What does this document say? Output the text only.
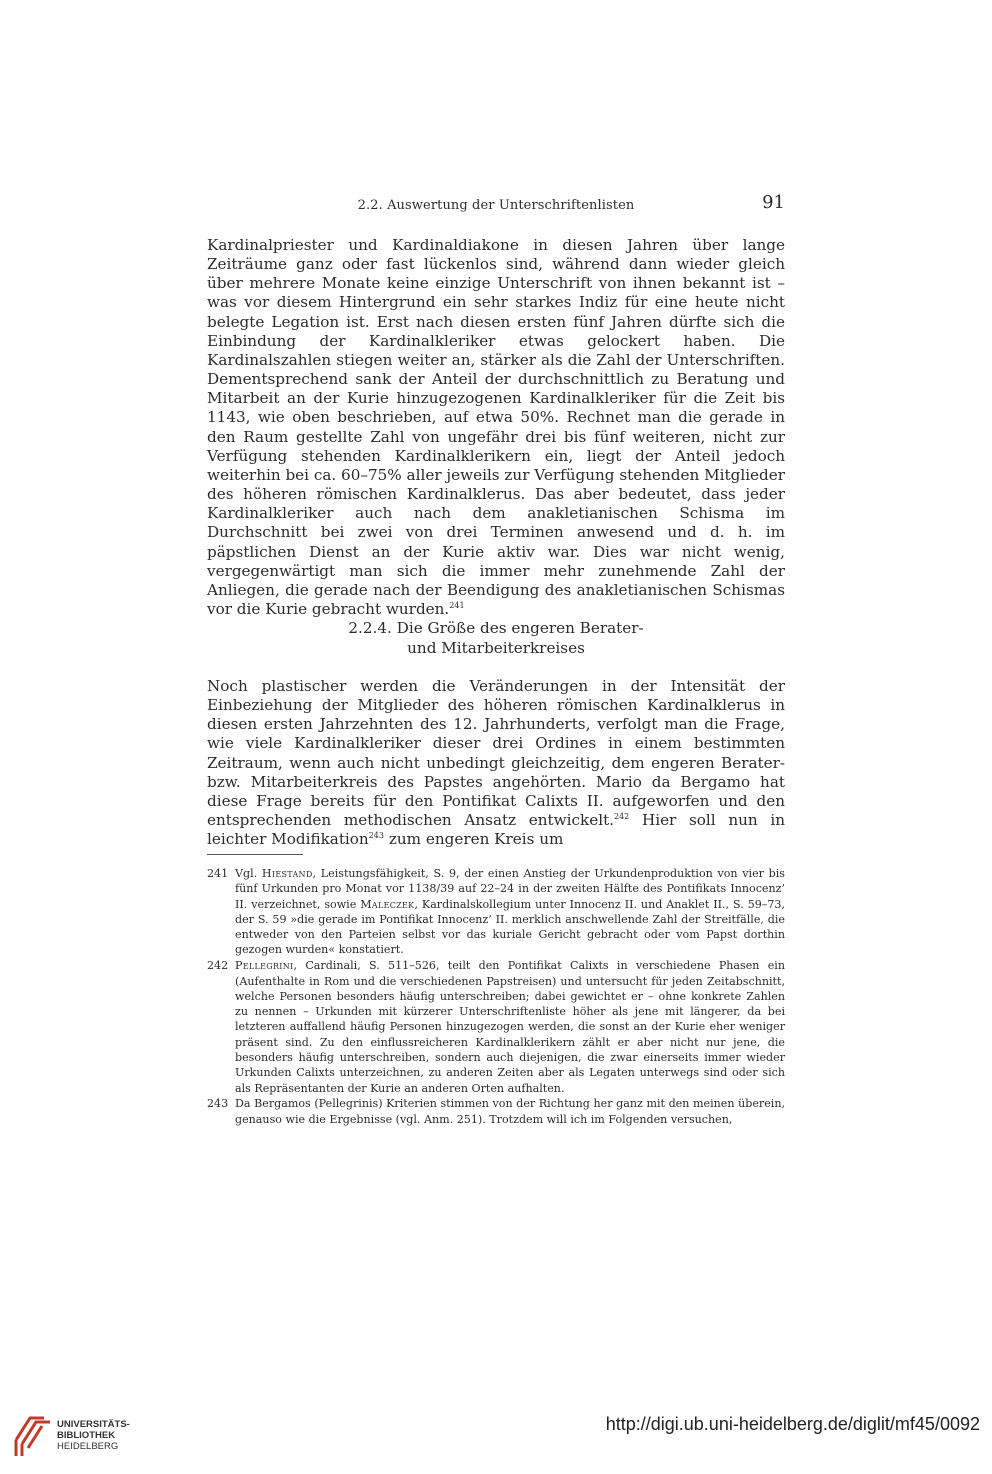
2.2. Auswertung der Unterschriftenlisten	91
Kardinalpriester und Kardinaldiakone in diesen Jahren über lange Zeiträume ganz oder fast lückenlos sind, während dann wieder gleich über mehrere Monate keine einzige Unterschrift von ihnen bekannt ist – was vor diesem Hintergrund ein sehr starkes Indiz für eine heute nicht belegte Legation ist. Erst nach diesen ersten fünf Jahren dürfte sich die Einbindung der Kardinalkleriker etwas gelockert haben. Die Kardinalszahlen stiegen weiter an, stärker als die Zahl der Unterschriften. Dementsprechend sank der Anteil der durchschnittlich zu Beratung und Mitarbeit an der Kurie hinzugezogenen Kardinalkleriker für die Zeit bis 1143, wie oben beschrieben, auf etwa 50%. Rechnet man die gerade in den Raum gestellte Zahl von ungefähr drei bis fünf weiteren, nicht zur Verfügung stehenden Kardinalklerikern ein, liegt der Anteil jedoch weiterhin bei ca. 60–75% aller jeweils zur Verfügung stehenden Mitglieder des höheren römischen Kardinalklerus. Das aber bedeutet, dass jeder Kardinalkleriker auch nach dem anakletianischen Schisma im Durchschnitt bei zwei von drei Terminen anwesend und d. h. im päpstlichen Dienst an der Kurie aktiv war. Dies war nicht wenig, vergegenwärtigt man sich die immer mehr zunehmende Zahl der Anliegen, die gerade nach der Beendigung des anakletianischen Schismas vor die Kurie gebracht wurden.$^{241}$
2.2.4. Die Größe des engeren Berater-
und Mitarbeiterkreises
Noch plastischer werden die Veränderungen in der Intensität der Einbeziehung der Mitglieder des höheren römischen Kardinalklerus in diesen ersten Jahrzehnten des 12. Jahrhunderts, verfolgt man die Frage, wie viele Kardinalkleriker dieser drei Ordines in einem bestimmten Zeitraum, wenn auch nicht unbedingt gleichzeitig, dem engeren Berater- bzw. Mitarbeiterkreis des Papstes angehörten. Mario da Bergamo hat diese Frage bereits für den Pontifikat Calixts II. aufgeworfen und den entsprechenden methodischen Ansatz entwickelt.$^{242}$ Hier soll nun in leichter Modifikation$^{243}$ zum engeren Kreis um
241 Vgl. Hiestand, Leistungsfähigkeit, S. 9, der einen Anstieg der Urkundenproduktion von vier bis fünf Urkunden pro Monat vor 1138/39 auf 22–24 in der zweiten Hälfte des Pontifikats Innocenz’ II. verzeichnet, sowie Maleczek, Kardinalskollegium unter Innocenz II. und Anaklet II., S. 59–73, der S. 59 »die gerade im Pontifikat Innocenz’ II. merklich anschwellende Zahl der Streitfälle, die entweder von den Parteien selbst vor das kuriale Gericht gebracht oder vom Papst dorthin gezogen wurden« konstatiert.
242 Pellegrini, Cardinali, S. 511–526, teilt den Pontifikat Calixts in verschiedene Phasen ein (Aufenthalte in Rom und die verschiedenen Papstreisen) und untersucht für jeden Zeitabschnitt, welche Personen besonders häufig unterschreiben; dabei gewichtet er – ohne konkrete Zahlen zu nennen – Urkunden mit kürzerer Unterschriftenliste höher als jene mit längerer, da bei letzteren auffallend häufig Personen hinzugezogen werden, die sonst an der Kurie eher weniger präsent sind. Zu den einflussreicheren Kardinalklerikern zählt er aber nicht nur jene, die besonders häufig unterschreiben, sondern auch diejenigen, die zwar einerseits immer wieder Urkunden Calixts unterzeichnen, zu anderen Zeiten aber als Legaten unterwegs sind oder sich als Repräsentanten der Kurie an anderen Orten aufhalten.
243 Da Bergamos (Pellegrinis) Kriterien stimmen von der Richtung her ganz mit den meinen überein, genauso wie die Ergebnisse (vgl. Anm. 251). Trotzdem will ich im Folgenden versuchen,
UNIVERSITÄTS-
BIBLIOTHEK
HEIDELBERG
http://digi.ub.uni-heidelberg.de/diglit/mf45/0092
